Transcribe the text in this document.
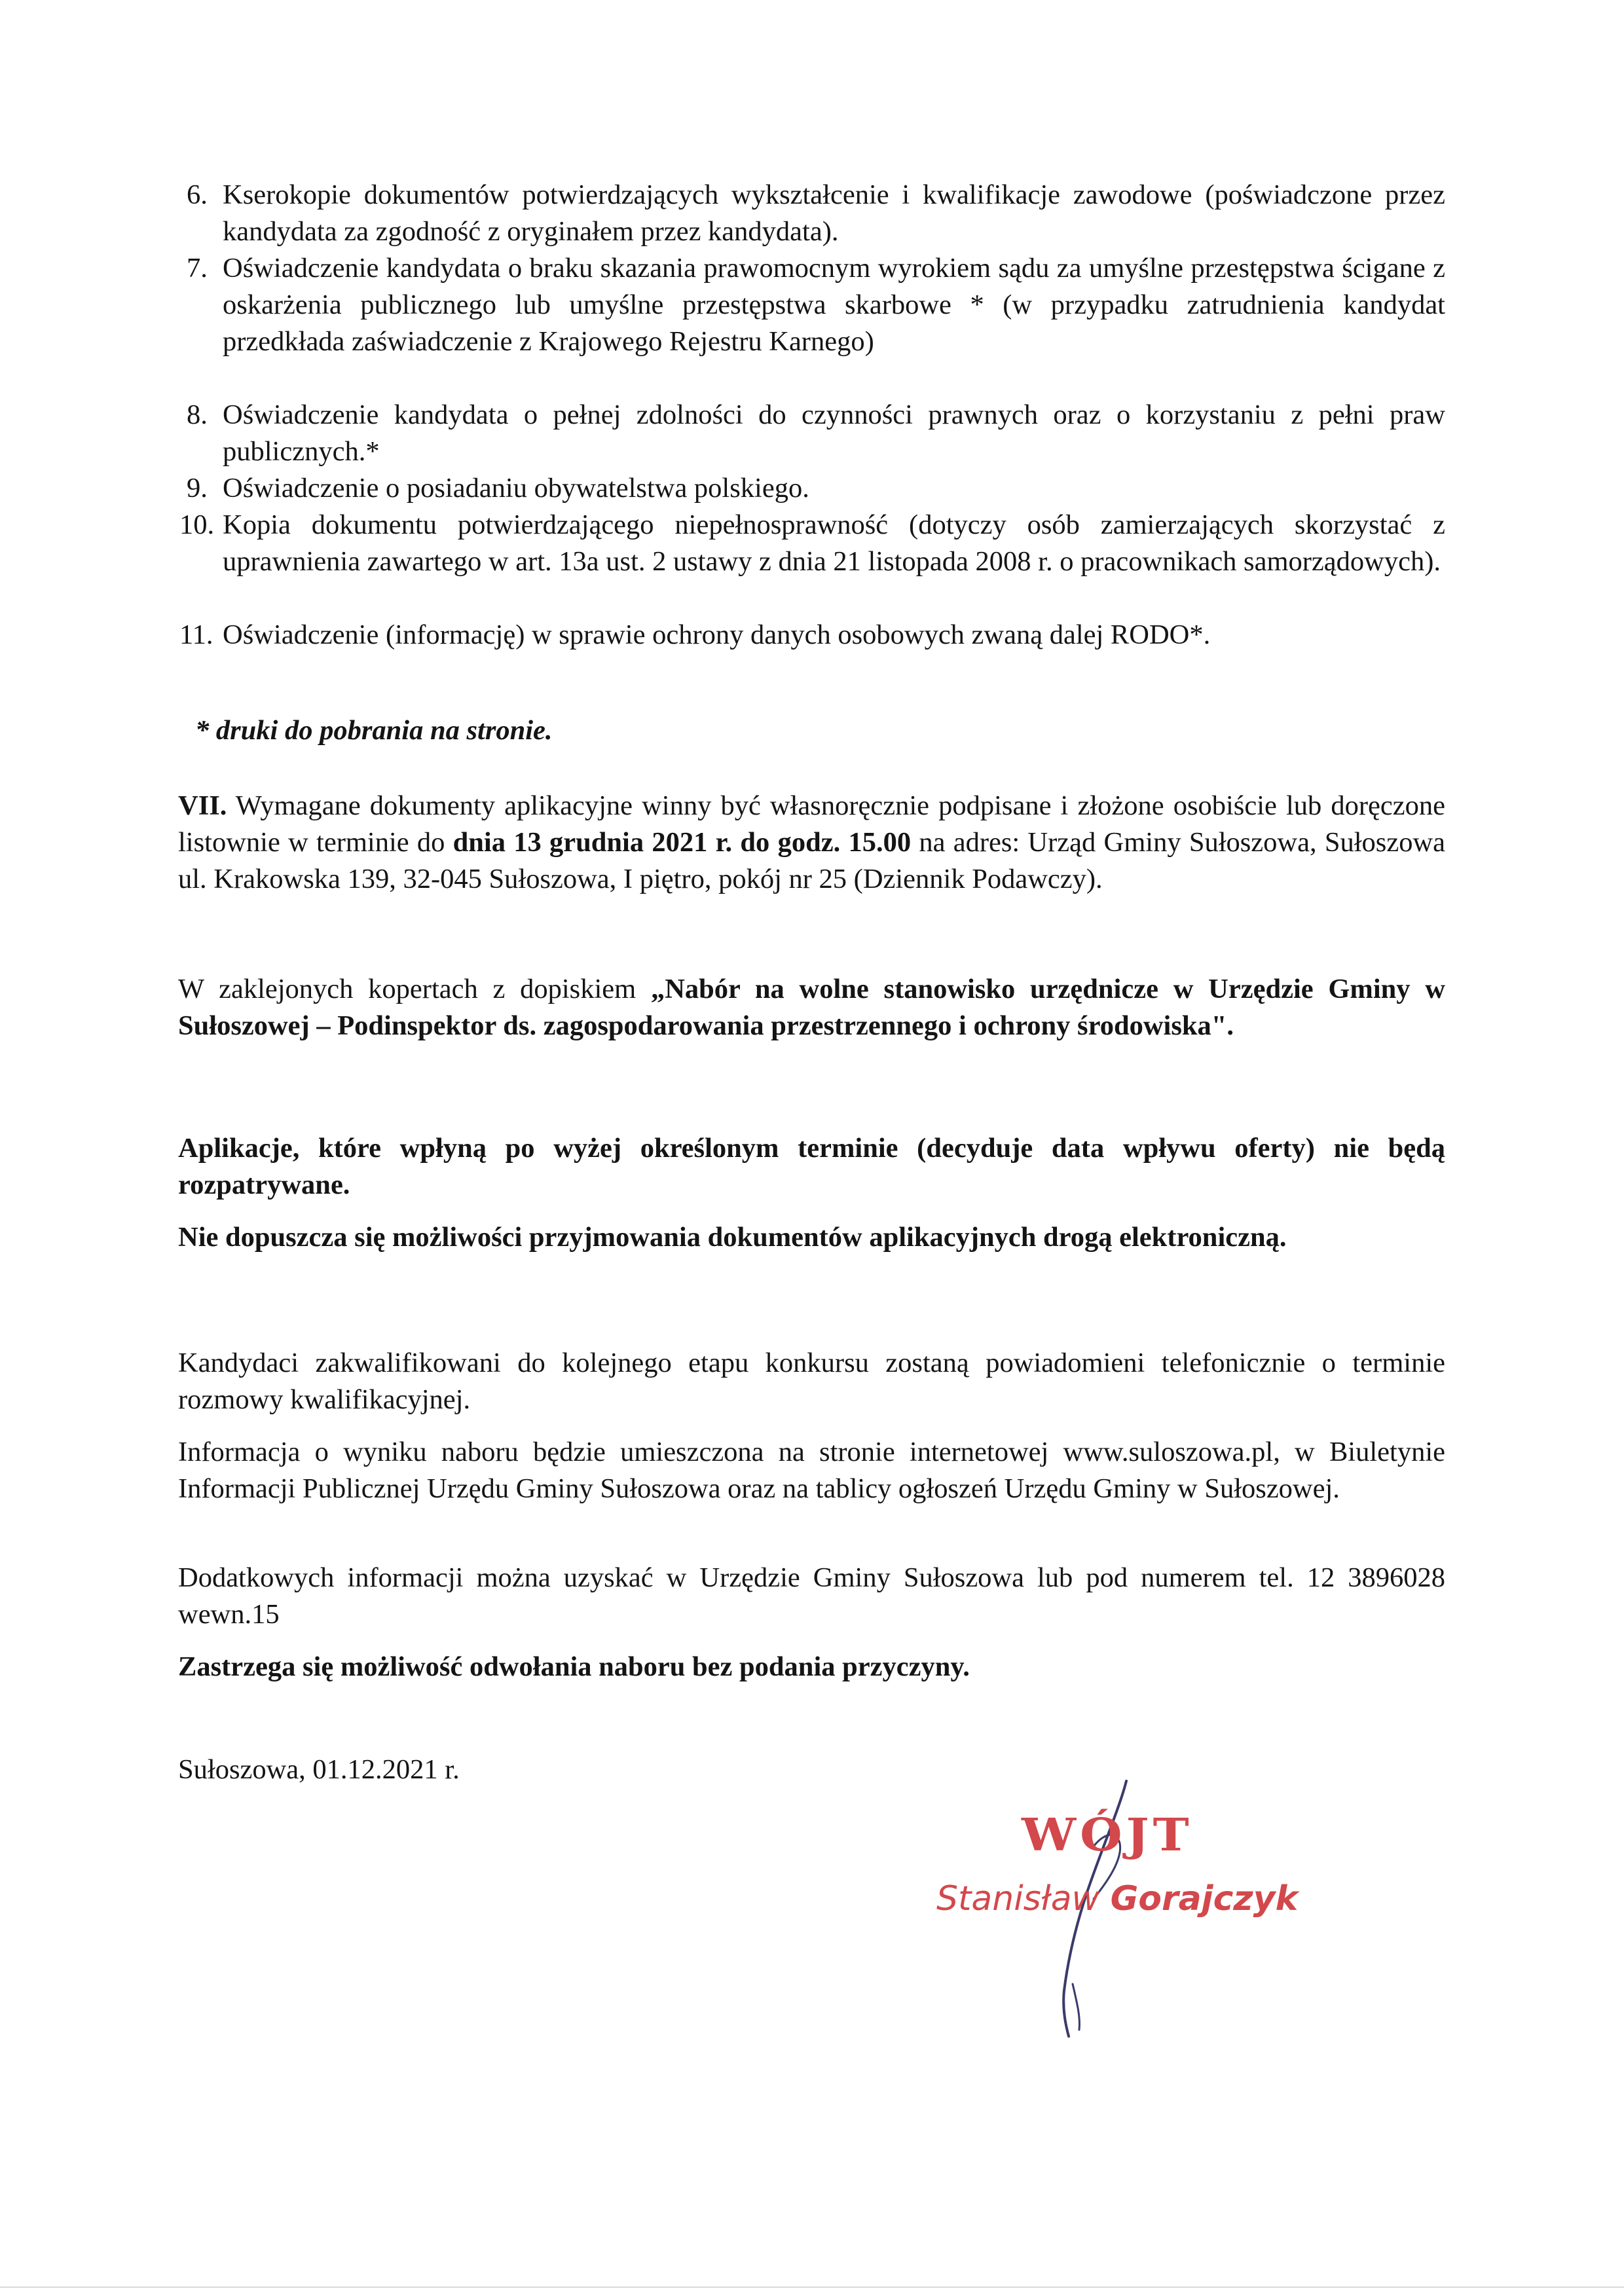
6. Kserokopie dokumentów potwierdzających wykształcenie i kwalifikacje zawodowe (poświadczone przez kandydata za zgodność z oryginałem przez kandydata).

7. Oświadczenie kandydata o braku skazania prawomocnym wyrokiem sądu za umyślne przestępstwa ścigane z oskarżenia publicznego lub umyślne przestępstwa skarbowe * (w przypadku zatrudnienia kandydat przedkłada zaświadczenie z Krajowego Rejestru Karnego)

8. Oświadczenie kandydata o pełnej zdolności do czynności prawnych oraz o korzystaniu z pełni praw publicznych.*

9. Oświadczenie o posiadaniu obywatelstwa polskiego.

10. Kopia dokumentu potwierdzającego niepełnosprawność (dotyczy osób zamierzających skorzystać z uprawnienia zawartego w art. 13a ust. 2 ustawy z dnia 21 listopada 2008 r. o pracownikach samorządowych).

11. Oświadczenie (informację) w sprawie ochrony danych osobowych zwaną dalej RODO*.

* druki do pobrania na stronie.

VII. Wymagane dokumenty aplikacyjne winny być własnoręcznie podpisane i złożone osobiście lub doręczone listownie w terminie do dnia 13 grudnia 2021 r. do godz. 15.00 na adres: Urząd Gminy Sułoszowa, Sułoszowa ul. Krakowska 139, 32-045 Sułoszowa, I piętro, pokój nr 25 (Dziennik Podawczy).

W zaklejonych kopertach z dopiskiem „Nabór na wolne stanowisko urzędnicze w Urzędzie Gminy w Sułoszowej – Podinspektor ds. zagospodarowania przestrzennego i ochrony środowiska".

Aplikacje, które wpłyną po wyżej określonym terminie (decyduje data wpływu oferty) nie będą rozpatrywane.

Nie dopuszcza się możliwości przyjmowania dokumentów aplikacyjnych drogą elektroniczną.

Kandydaci zakwalifikowani do kolejnego etapu konkursu zostaną powiadomieni telefonicznie o terminie rozmowy kwalifikacyjnej.

Informacja o wyniku naboru będzie umieszczona na stronie internetowej www.suloszowa.pl, w Biuletynie Informacji Publicznej Urzędu Gminy Sułoszowa oraz na tablicy ogłoszeń Urzędu Gminy w Sułoszowej.

Dodatkowych informacji można uzyskać w Urzędzie Gminy Sułoszowa lub pod numerem tel. 12 3896028 wewn.15

Zastrzega się możliwość odwołania naboru bez podania przyczyny.

Sułoszowa, 01.12.2021 r.

WÓJT
Stanisław Gorajczyk
